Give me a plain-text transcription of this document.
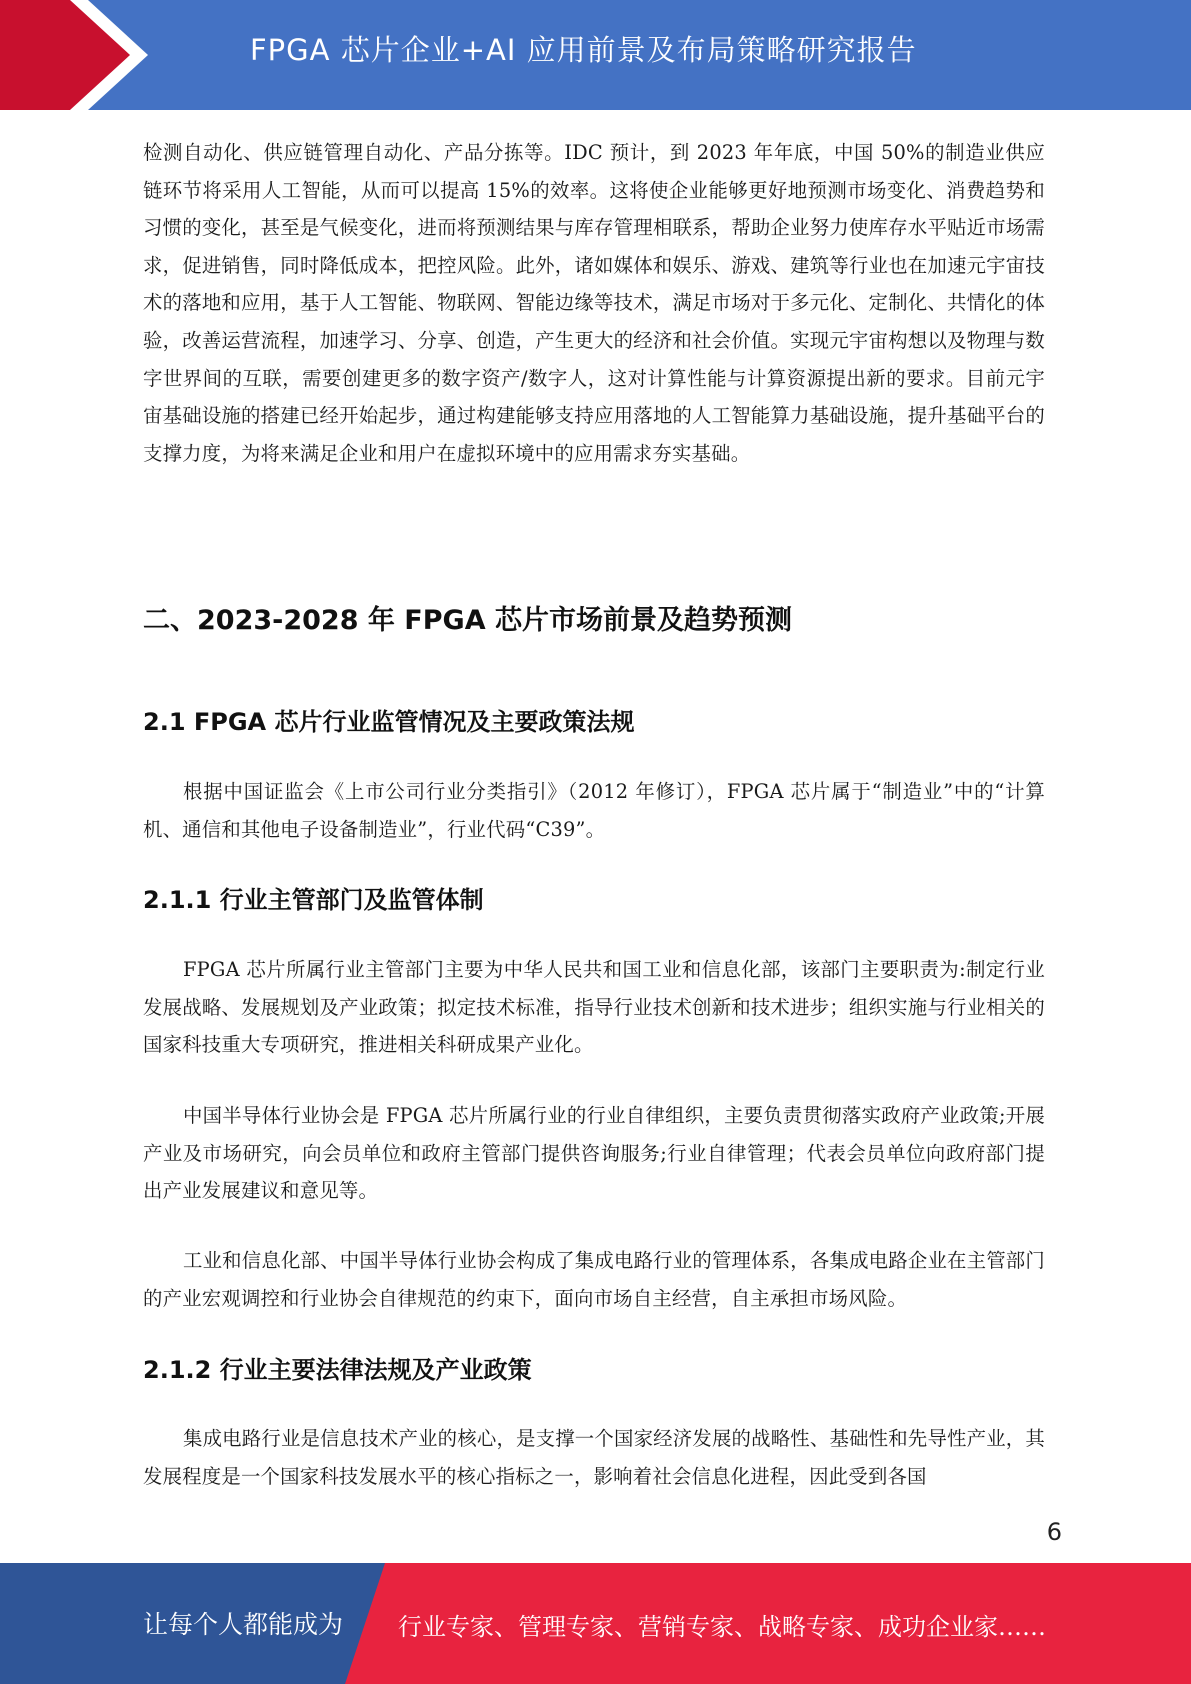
FPGA 芯片企业+AI 应用前景及布局策略研究报告
检测自动化、供应链管理自动化、产品分拣等。IDC 预计，到 2023 年年底，中国 50%的制造业供应链环节将采用人工智能，从而可以提高 15%的效率。这将使企业能够更好地预测市场变化、消费趋势和习惯的变化，甚至是气候变化，进而将预测结果与库存管理相联系，帮助企业努力使库存水平贴近市场需求，促进销售，同时降低成本，把控风险。此外，诸如媒体和娱乐、游戏、建筑等行业也在加速元宇宙技术的落地和应用，基于人工智能、物联网、智能边缘等技术，满足市场对于多元化、定制化、共情化的体验，改善运营流程，加速学习、分享、创造，产生更大的经济和社会价值。实现元宇宙构想以及物理与数字世界间的互联，需要创建更多的数字资产/数字人，这对计算性能与计算资源提出新的要求。目前元宇宙基础设施的搭建已经开始起步，通过构建能够支持应用落地的人工智能算力基础设施，提升基础平台的支撑力度，为将来满足企业和用户在虚拟环境中的应用需求夯实基础。
二、2023-2028 年 FPGA 芯片市场前景及趋势预测
2.1 FPGA 芯片行业监管情况及主要政策法规
根据中国证监会《上市公司行业分类指引》（2012 年修订），FPGA 芯片属于“制造业”中的“计算机、通信和其他电子设备制造业”，行业代码“C39”。
2.1.1 行业主管部门及监管体制
FPGA 芯片所属行业主管部门主要为中华人民共和国工业和信息化部，该部门主要职责为:制定行业发展战略、发展规划及产业政策；拟定技术标准，指导行业技术创新和技术进步；组织实施与行业相关的国家科技重大专项研究，推进相关科研成果产业化。
中国半导体行业协会是 FPGA 芯片所属行业的行业自律组织，主要负责贯彻落实政府产业政策;开展产业及市场研究，向会员单位和政府主管部门提供咨询服务;行业自律管理；代表会员单位向政府部门提出产业发展建议和意见等。
工业和信息化部、中国半导体行业协会构成了集成电路行业的管理体系，各集成电路企业在主管部门的产业宏观调控和行业协会自律规范的约束下，面向市场自主经营，自主承担市场风险。
2.1.2 行业主要法律法规及产业政策
集成电路行业是信息技术产业的核心，是支撑一个国家经济发展的战略性、基础性和先导性产业，其发展程度是一个国家科技发展水平的核心指标之一，影响着社会信息化进程，因此受到各国
6
让每个人都能成为 行业专家、管理专家、营销专家、战略专家、成功企业家……
